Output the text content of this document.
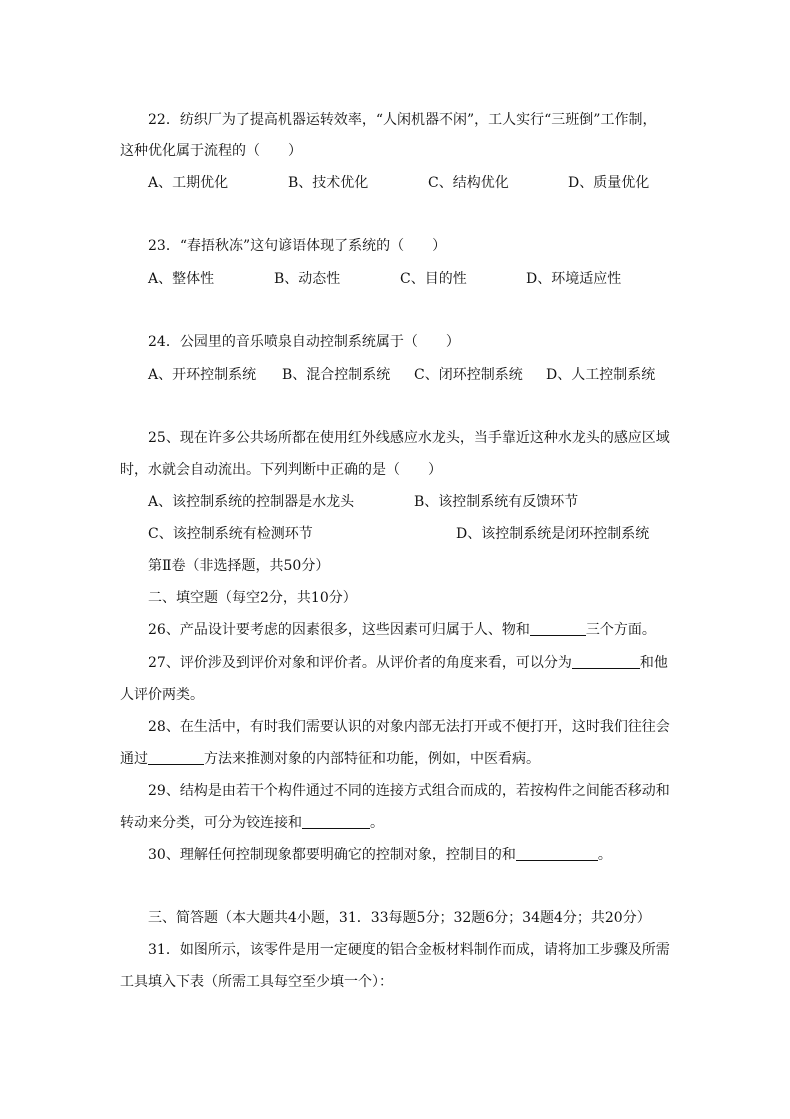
22．纺织厂为了提高机器运转效率，“人闲机器不闲”，工人实行“三班倒”工作制，
这种优化属于流程的（　　）
A、工期优化	B、技术优化	C、结构优化	D、质量优化
23．“春捂秋冻”这句谚语体现了系统的（　　）
A、整体性	B、动态性	C、目的性	D、环境适应性
24．公园里的音乐喷泉自动控制系统属于（　　）
A、开环控制系统 B、混合控制系统 C、闭环控制系统 D、人工控制系统
25、现在许多公共场所都在使用红外线感应水龙头，当手靠近这种水龙头的感应区域
时，水就会自动流出。下列判断中正确的是（　　）
A、该控制系统的控制器是水龙头	B、该控制系统有反馈环节
C、该控制系统有检测环节	D、该控制系统是闭环控制系统
第Ⅱ卷（非选择题，共50分）
二、填空题（每空2分，共10分）
26、产品设计要考虑的因素很多，这些因素可归属于人、物和	三个方面。
27、评价涉及到评价对象和评价者。从评价者的角度来看，可以分为	和他
人评价两类。
28、在生活中，有时我们需要认识的对象内部无法打开或不便打开，这时我们往往会
通过	方法来推测对象的内部特征和功能，例如，中医看病。
29、结构是由若干个构件通过不同的连接方式组合而成的，若按构件之间能否移动和
转动来分类，可分为铰连接和	。
30、理解任何控制现象都要明确它的控制对象，控制目的和	。
三、简答题（本大题共4小题，31．33每题5分；32题6分；34题4分；共20分）
31．如图所示，该零件是用一定硬度的铝合金板材料制作而成，请将加工步骤及所需
工具填入下表（所需工具每空至少填一个）：
